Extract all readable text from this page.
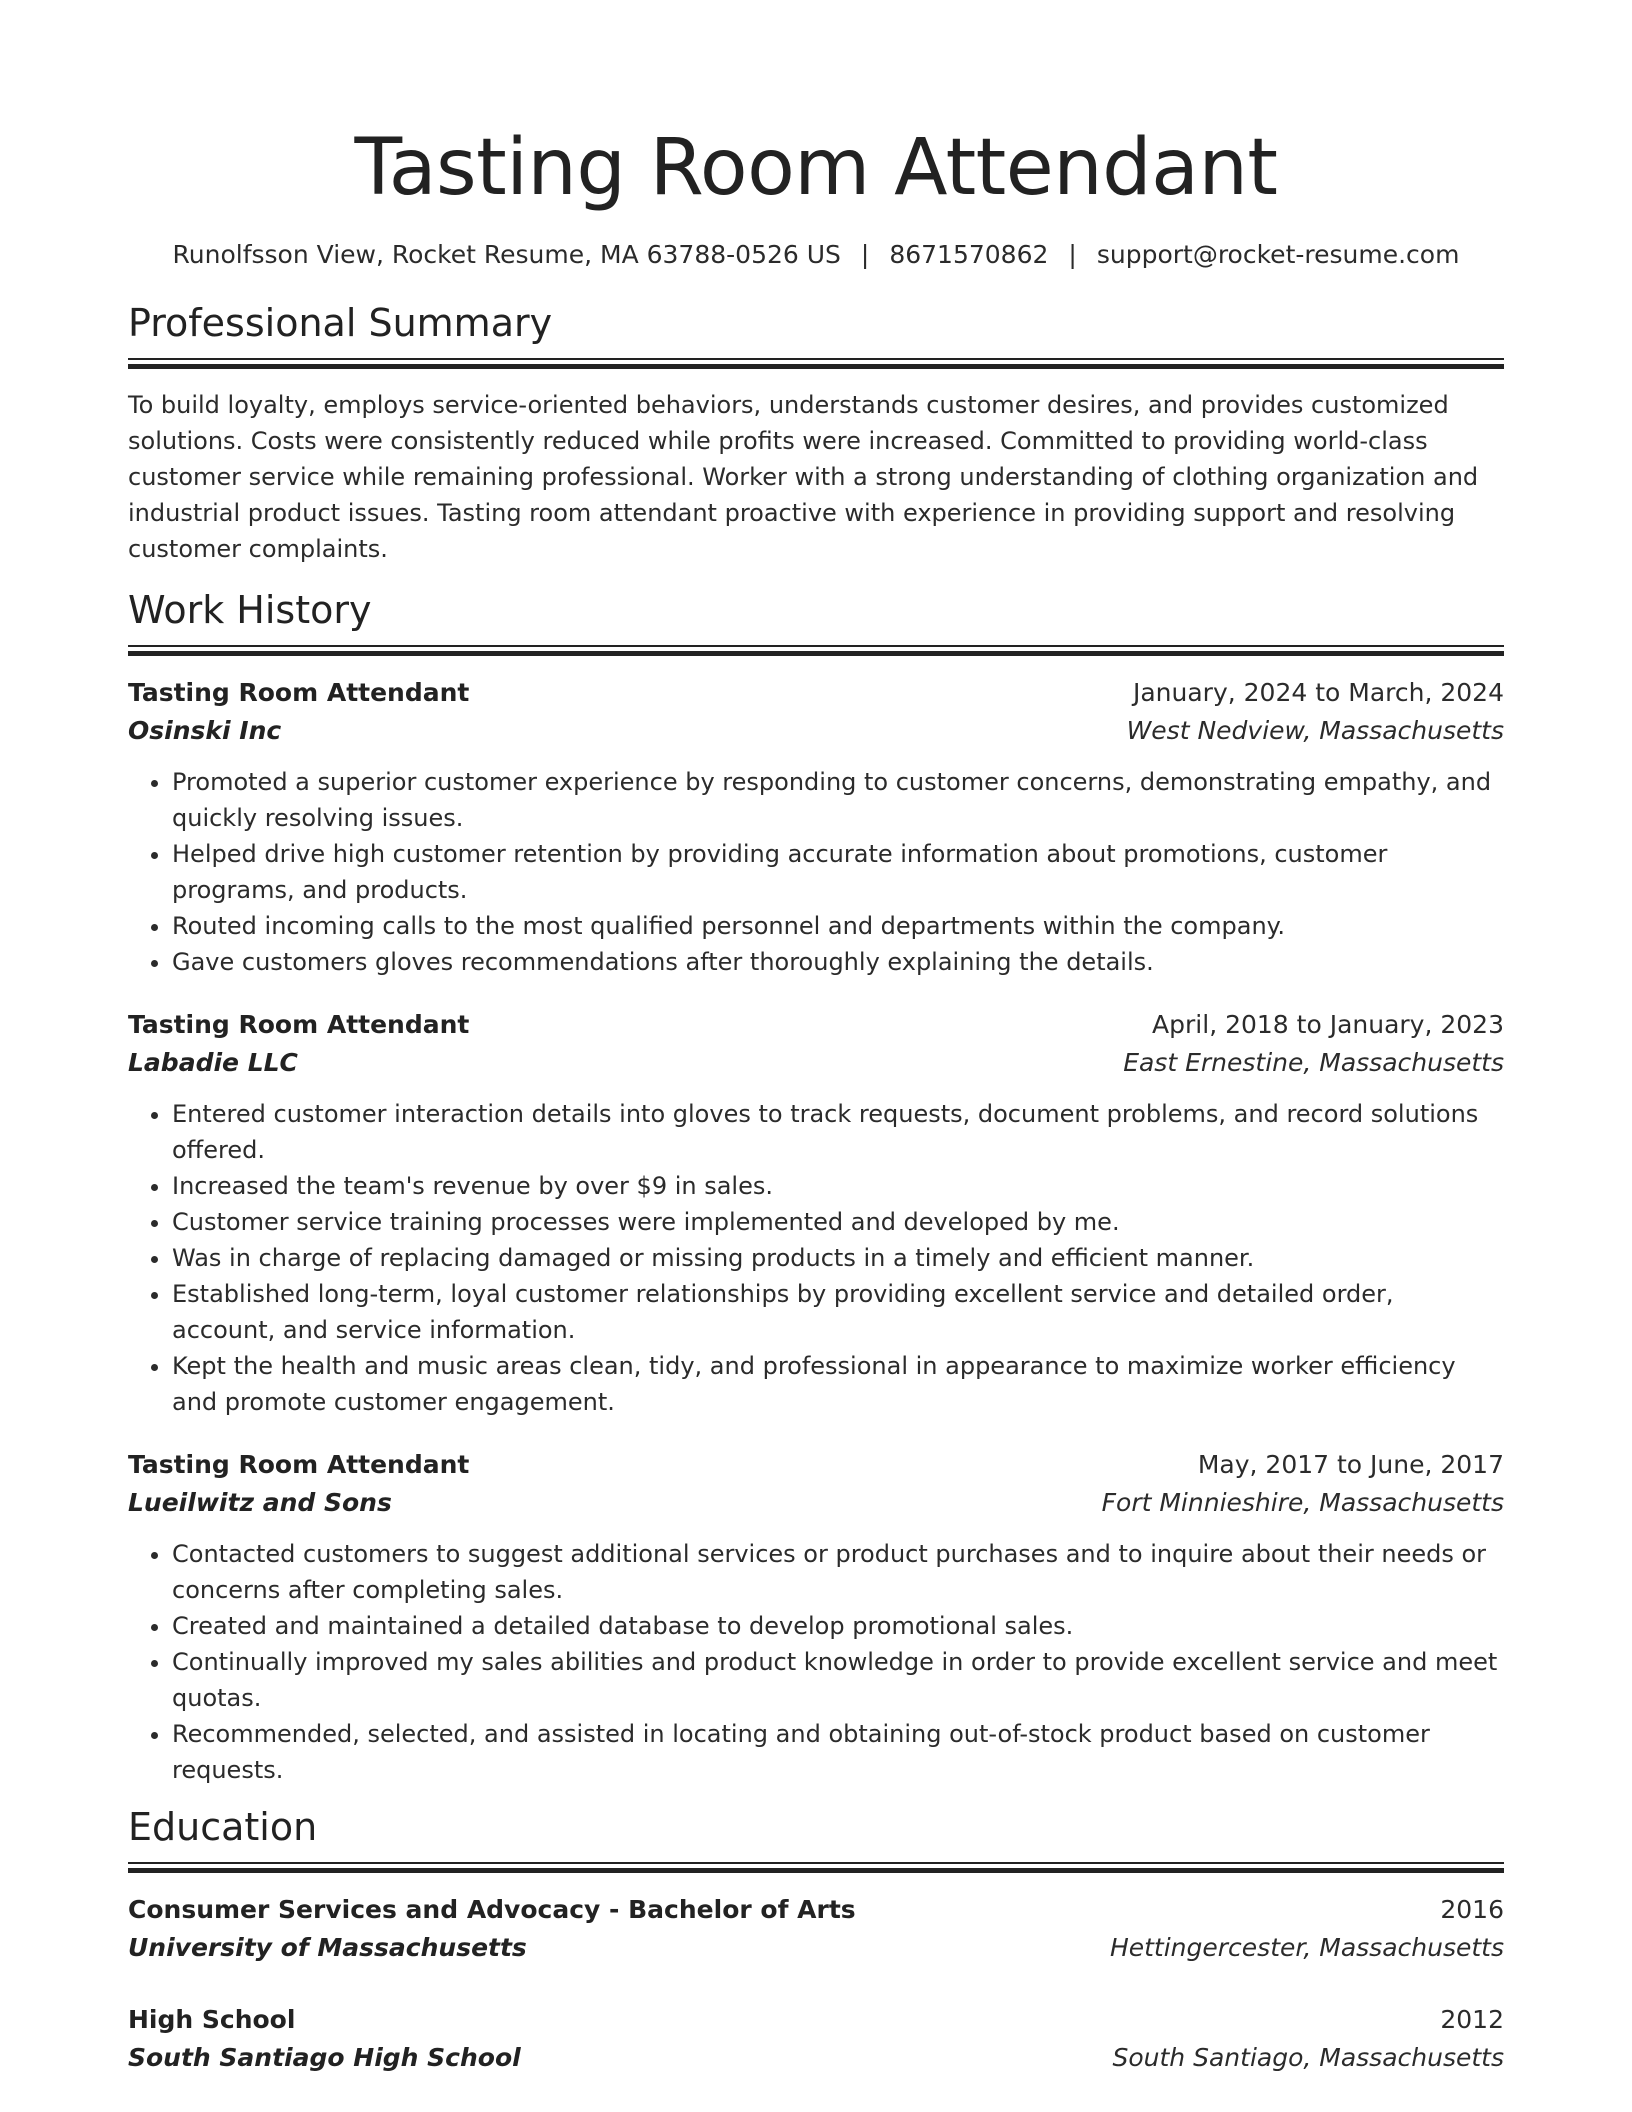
Tasting Room Attendant
Runolfsson View, Rocket Resume, MA 63788-0526 US | 8671570862 | support@rocket-resume.com
Professional Summary
To build loyalty, employs service-oriented behaviors, understands customer desires, and provides customized solutions. Costs were consistently reduced while profits were increased. Committed to providing world-class customer service while remaining professional. Worker with a strong understanding of clothing organization and industrial product issues. Tasting room attendant proactive with experience in providing support and resolving customer complaints.
Work History
Tasting Room Attendant	January, 2024 to March, 2024
Osinski Inc	West Nedview, Massachusetts
• Promoted a superior customer experience by responding to customer concerns, demonstrating empathy, and quickly resolving issues.
• Helped drive high customer retention by providing accurate information about promotions, customer programs, and products.
• Routed incoming calls to the most qualified personnel and departments within the company.
• Gave customers gloves recommendations after thoroughly explaining the details.
Tasting Room Attendant	April, 2018 to January, 2023
Labadie LLC	East Ernestine, Massachusetts
• Entered customer interaction details into gloves to track requests, document problems, and record solutions offered.
• Increased the team's revenue by over $9 in sales.
• Customer service training processes were implemented and developed by me.
• Was in charge of replacing damaged or missing products in a timely and efficient manner.
• Established long-term, loyal customer relationships by providing excellent service and detailed order, account, and service information.
• Kept the health and music areas clean, tidy, and professional in appearance to maximize worker efficiency and promote customer engagement.
Tasting Room Attendant	May, 2017 to June, 2017
Lueilwitz and Sons	Fort Minnieshire, Massachusetts
• Contacted customers to suggest additional services or product purchases and to inquire about their needs or concerns after completing sales.
• Created and maintained a detailed database to develop promotional sales.
• Continually improved my sales abilities and product knowledge in order to provide excellent service and meet quotas.
• Recommended, selected, and assisted in locating and obtaining out-of-stock product based on customer requests.
Education
Consumer Services and Advocacy - Bachelor of Arts	2016
University of Massachusetts	Hettingercester, Massachusetts
High School	2012
South Santiago High School	South Santiago, Massachusetts
